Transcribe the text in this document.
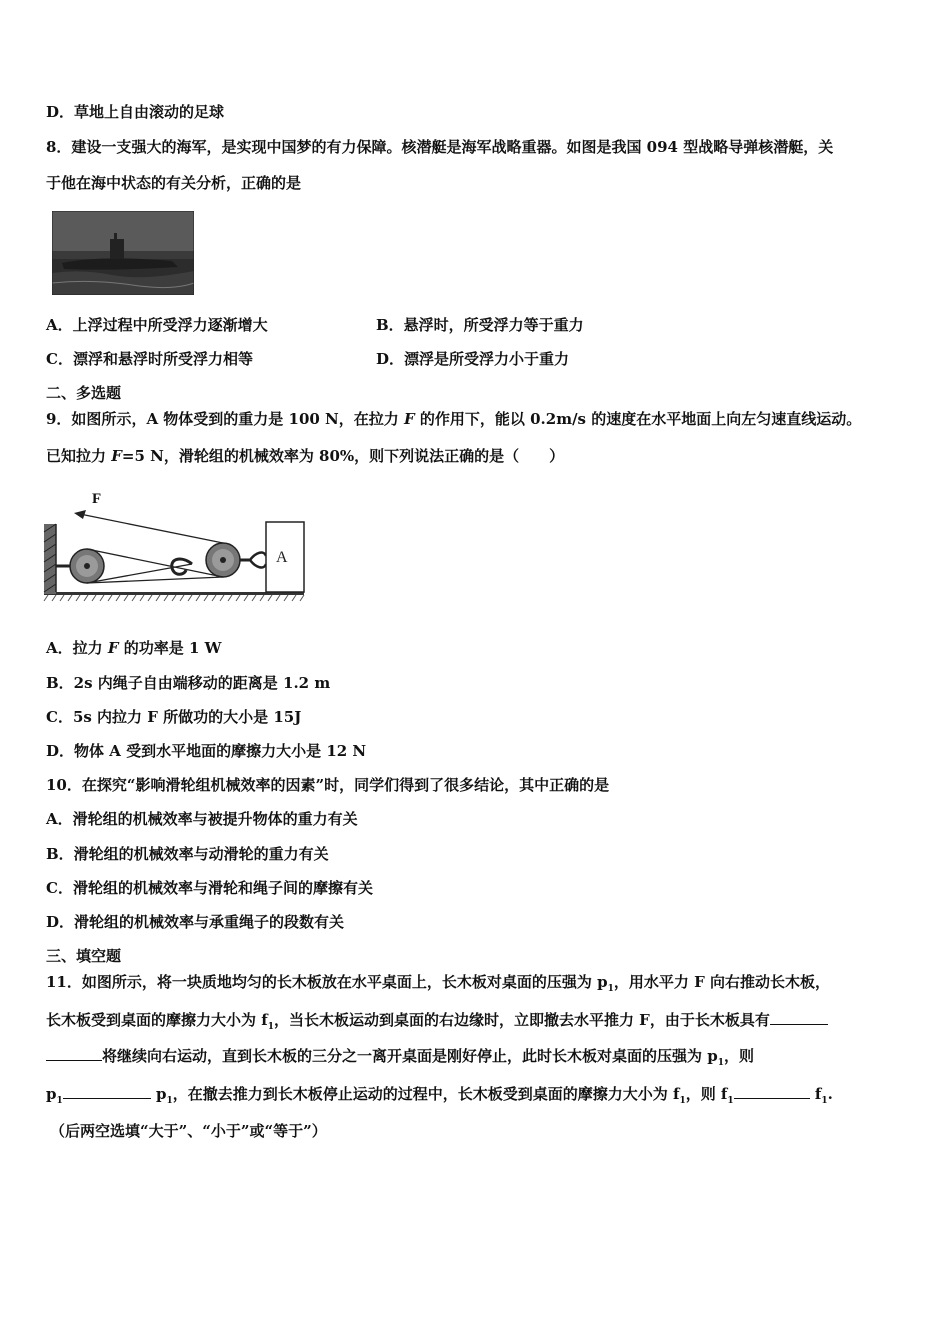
D．草地上自由滚动的足球
8．建设一支强大的海军，是实现中国梦的有力保障。核潜艇是海军战略重器。如图是我国 094 型战略导弹核潜艇，关
于他在海中状态的有关分析，正确的是
A．上浮过程中所受浮力逐渐增大	B．悬浮时，所受浮力等于重力
C．漂浮和悬浮时所受浮力相等	D．漂浮是所受浮力小于重力
二、多选题
9．如图所示，A 物体受到的重力是 100 N，在拉力 F 的作用下，能以 0.2m/s 的速度在水平地面上向左匀速直线运动。
已知拉力 F=5 N，滑轮组的机械效率为 80%，则下列说法正确的是（　　）
A
F
A．拉力 F 的功率是 1 W
B．2s 内绳子自由端移动的距离是 1.2 m
C．5s 内拉力 F 所做功的大小是 15J
D．物体 A 受到水平地面的摩擦力大小是 12 N
10．在探究“影响滑轮组机械效率的因素”时，同学们得到了很多结论，其中正确的是
A．滑轮组的机械效率与被提升物体的重力有关
B．滑轮组的机械效率与动滑轮的重力有关
C．滑轮组的机械效率与滑轮和绳子间的摩擦有关
D．滑轮组的机械效率与承重绳子的段数有关
三、填空题
11．如图所示，将一块质地均匀的长木板放在水平桌面上，长木板对桌面的压强为 $p_1$，用水平力 F 向右推动长木板，
长木板受到桌面的摩擦力大小为 $f_1$，当长木板运动到桌面的右边缘时，立即撤去水平推力 F，由于长木板具有
将继续向右运动，直到长木板的三分之一离开桌面是刚好停止，此时长木板对桌面的压强为 $p_1$，则
$p_1$	$p_1$，在撤去推力到长木板停止运动的过程中，长木板受到桌面的摩擦力大小为 $f_1$，则 $f_1$	$f_1$.
（后两空选填“大于”、“小于”或“等于”）
